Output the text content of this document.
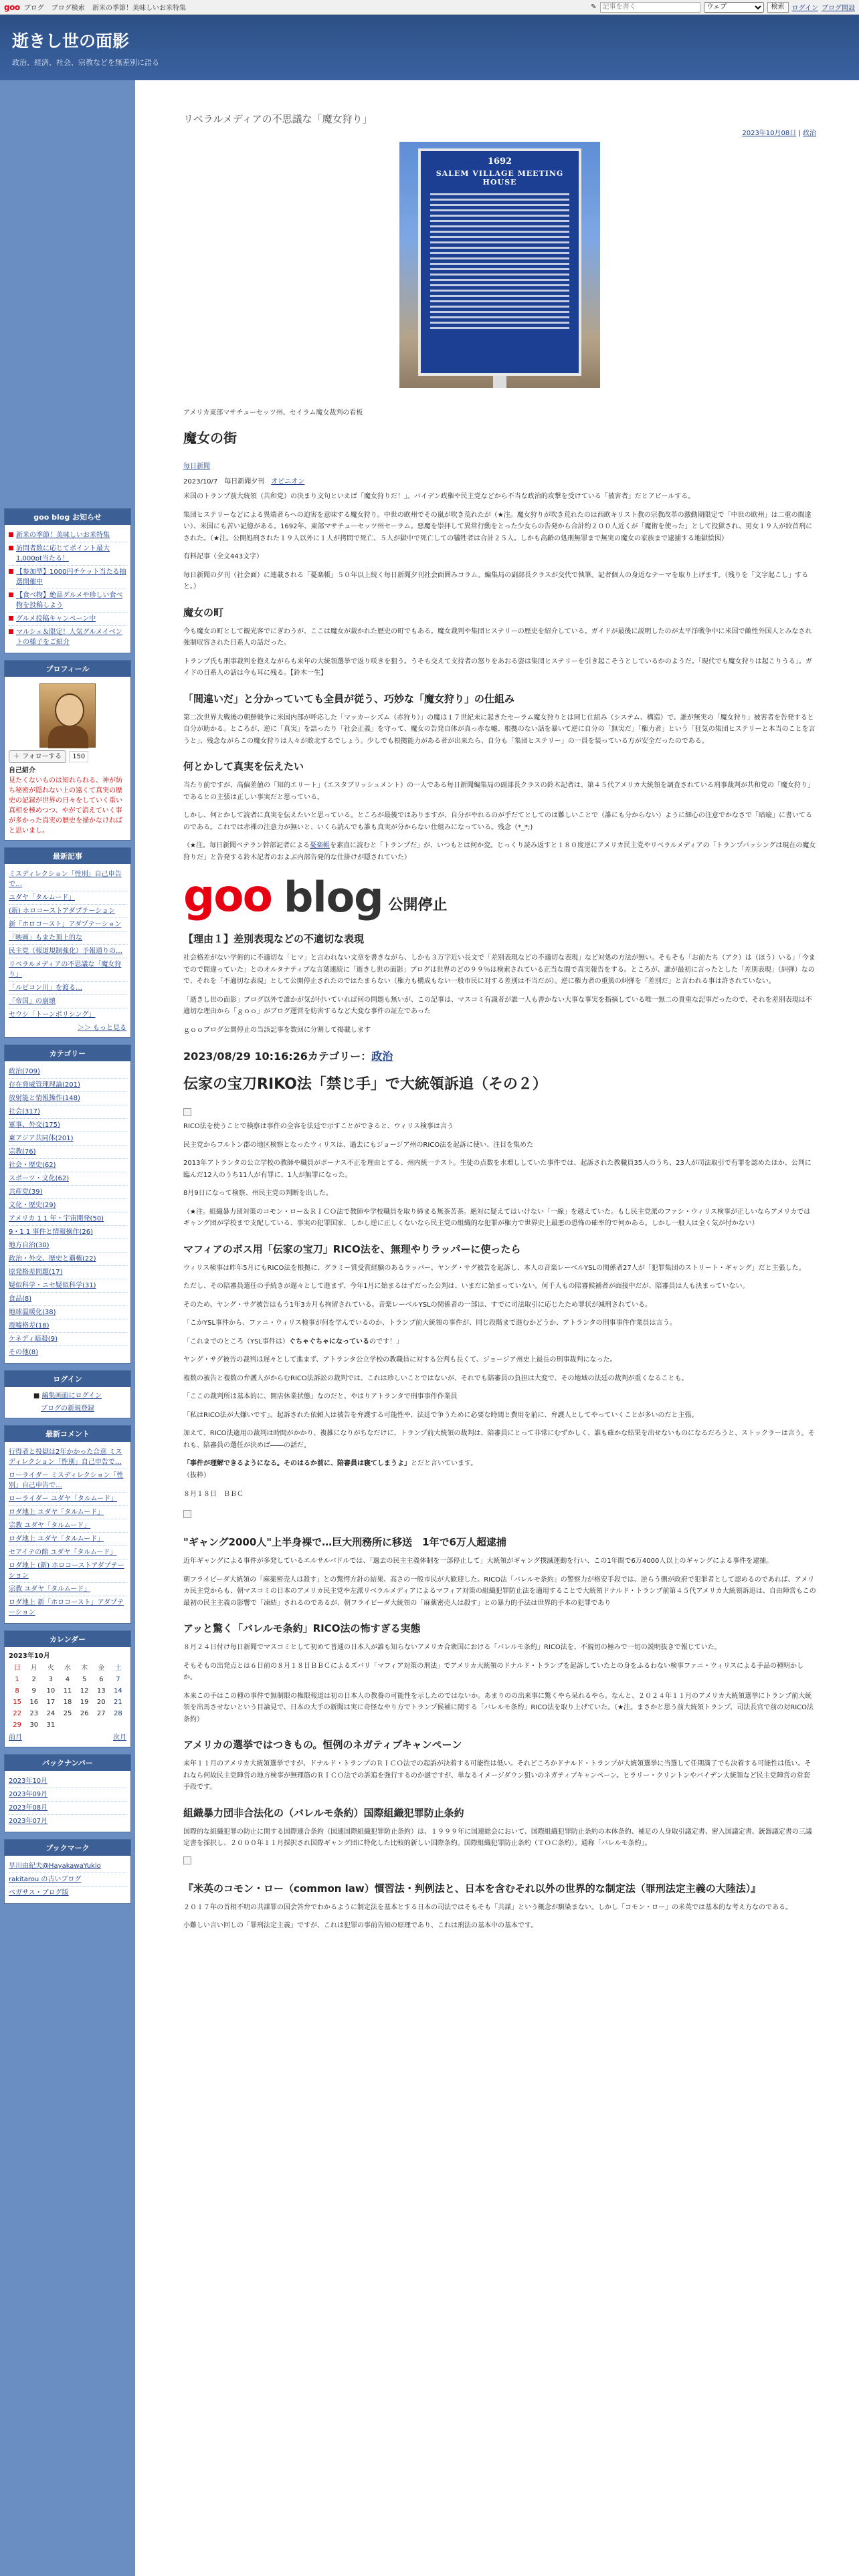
goo ブログ ブログ検索 新米の季節！美味しいお米特集	✎
記事を書く
ウェブ	検索	ログイン ブログ開設
逝きし世の面影
政治、経済、社会、宗教などを無差別に語る
goo blog お知らせ
新米の季節！美味しいお米特集
訪問者数に応じてポイント最大1,000pt当たる！
【参加型】1000円チケット当たる抽選開催中
【食べ物】絶品グルメや珍しい食べ物を投稿しよう
グルメ投稿キャンペーン中
マルシェ＆限定！人気グルメイベントの様子をご紹介
プロフィール
＋ フォローする	150
自己紹介
見たくないものは知れられる、神が紡ち秘密が隠れない上の遠くて真実の歴史の記録が世界の日々をしていく重い真相を極めつつ、やがて消えていく事が多かった真実の歴史を描かなければと思いまし。
最新記事
ミスディレクション「性別」自己申告で…
ユダヤ「タルムード」
(新) ホロコーストアダプテーション
新「ホロコースト」アダプテーション
「映画」もまた頂上的な
民主党（報道規制強化）予報通りの…
リベラルメディアの不思議な「魔女狩り」
「ルビコン川」を渡る…
「帝国」の崩壊
セウシ「トーンポリシング」
＞＞ もっと見る
カテゴリー
政治(709)
存在脅威管理理論(201)
放射能と情報操作(148)
社会(317)
軍事、外交(175)
東アジア共同体(201)
宗教(76)
社会・歴史(62)
スポーツ・文化(62)
共産党(39)
文化・歴史(29)
アメリカ 1 1 年・宇宙開発(50)
9・1 1 事件と情報操作(26)
地方自治(30)
政治・外交、歴史と覇権(22)
原発格差問題(17)
疑似科学・ニセ疑似科学(31)
食品(8)
地球温暖化(38)
震嘘格差(18)
ケネディ暗殺(9)
その他(8)
ログイン
■ 編集画面にログイン
ブログの新規登録
最新コメント
行得者と投獄は2年かかった合意 ミスディレクション「性別」自己申告で…
ローライダー ミスディレクション「性別」自己申告で…
ローライダー ユダヤ「タルムード」
ロダ地上 ユダヤ「タルムード」
宗教 ユダヤ「タルムード」
ロダ地上 ユダヤ「タルムード」
セアイテの館 ユダヤ「タルムード」
ロダ地上 (新) ホロコーストアダプテーション
宗教 ユダヤ「タルムード」
ロダ地上 新「ホロコースト」アダプテーション
カレンダー
2023年10月
日	月	火	水	木	金	土
1	2	3	4	5	6	7
8	9	10	11	12	13	14
15	16	17	18	19	20	21
22	23	24	25	26	27	28
29	30	31				
前月	次月
バックナンバー
2023年10月
2023年09月
2023年08月
2023年07月
ブックマーク
早川由紀夫@HayakawaYukio
rakitarou の古いブログ
ベガサス・ブログ版
2023年10月08日 | 政治
リベラルメディアの不思議な「魔女狩り」
1692
SALEM VILLAGE MEETING HOUSE
アメリカ東部マサチューセッツ州、セイラム魔女裁判の看板
魔女の街
毎日新聞
2023/10/7　毎日新聞夕刊　 オピニオン

米国のトランプ前大統領（共和党）の決まり文句といえば「魔女狩りだ！」。バイデン政権や民主党などから不当な政治的攻撃を受けている「被害者」だとアピールする。

集団ヒステリーなどによる異端者らへの迫害を意味する魔女狩り。中世の欧州でその嵐が吹き荒れたが（★注。魔女狩りが吹き荒れたのは西欧キリスト教の宗教改革の激動期限定で「中世の欧州」は二重の間違い）、米国にも苦い記憶がある。1692年、東部マサチューセッツ州セーラム。悪魔を崇拝して異常行動をとった少女らの告発から合計約２００人近くが「魔術を使った」として投獄され、男女１９人が絞首刑にされた。（★注。公開処刑された１９人以外に１人が拷問で死亡、５人が獄中で死亡しての犠牲者は合計２５人。しかも高齢の処刑無罪まで無実の魔女の家族まで逮捕する地獄絵図）

有料記事（全文443文字）

毎日新聞の夕刊（社会面）に連載される「憂楽帳」５０年以上続く毎日新聞夕刊社会面囲みコラム。編集局の副部長クラスが交代で執筆。記者個人の身近なテーマを取り上げます。（残りを「文字起こし」すると。）

魔女の町

今も魔女の町として観光客でにぎわうが、ここは魔女が裁かれた歴史の町でもある。魔女裁判や集団ヒステリーの歴史を紹介している。ガイドが最後に説明したのが太平洋戦争中に米国で敵性外国人とみなされ強制収容された日系人の話だった。

トランプ氏も刑事裁判を抱えながらも来年の大統領選挙で返り咲きを狙う。うそも交えて支持者の怒りをあおる姿は集団ヒステリーを引き起こそうとしているかのようだ。「現代でも魔女狩りは起こりうる」。ガイドの日系人の話は今も耳に残る。【鈴木一生】

「間違いだ」と分かっていても全員が従う、巧妙な「魔女狩り」の仕組み

第二次世界大戦後の朝鮮戦争に米国内部が呼応した「マッカーシズム（赤狩り）」の魔は１７世紀末に起きたセーラム魔女狩りとは同じ仕組み（システム、構造）で、誰が無実の「魔女狩り」被害者を告発すると自分が助かる。ところが、逆に「真実」を語ったり「社会正義」を守って、魔女の告発自体が真っ赤な嘘、根拠のない話を暴いて逆に自分の「無実だ」「権力者」という「狂気の集団ヒステリーと本当のことを言うと」、残念ながらこの魔女狩りは人々が敗北するでしょう。少しでも根拠能力がある者が出来たら、自分も「集団ヒステリー」の一員を装っている方が安全だったのである。

何とかして真実を伝えたい

当たり前ですが、高偏差値の「知的エリート」（エスタブリッシュメント）の一人である毎日新聞編集局の副部長クラスの鈴木記者は、第４５代アメリカ大統領を調査されている刑事裁判が共和党の「魔女狩り」であるとの主張は正しい事実だと思っている。

しかし、何とかして読者に真実を伝えたいと思っている。ところが最後ではありますが、自分がやれるのが手だてとしてのは難しいことで（誰にも分からない）ように細心の注意でかなさで「暗喩」に書いてるのである。これでは赤裸の注意力が無いと、いくら読んでも誰も真実が分からない仕組みになっている。残念（*_*;)

（★注。毎日新聞ベテラン幹部記者による憂楽帳を素直に読むと「トランプだ」が、いつもとは何か変。じっくり読み返すと１８０度逆にアメリカ民主党やリベラルメディアの「トランプバッシングは現在の魔女狩りだ」と告発する鈴木記者のおよぶ内部告発的な仕掛けが隠されていた）

goo blog 公開停止
【理由１】差別表現などの不適切な表現

社会格差がない学術的に不適切な「ヒマ」と言われない文章を書きながら、しかも３万字近い長文で「差別表現などの不適切な表現」など対処の方法が無い。そもそも「お前たち（アク）は（ほう）いる」「今までので間違っていた」とのオルタナティブな言葉連続に「逝きし世の面影」ブログは世界のどの９９％は検索されている正当な間で真実報告をする。ところが、誰が最初に言ったとした「差別表現」（糾弾）なので、それを「不適切な表現」として公開停止されたのではたまらない（権力も構成もない一般市民に対する差別は不当だが）。逆に権力者の重篤の糾弾を「差別だ」と言われる事は許されていない。

「逝きし世の面影」ブログ以外で誰かが気が付いていれば何の問題も無いが、この記事は、マスコミ有識者が誰一人も書かない大事な事実を指摘している唯一無二の貴重な記事だったので、それを差別表現は不適切な理由から「ｇｏｏ」がブログ運営を妨害するなど大変な事件の証左であった

ｇｏｏブログ公開停止の当該記事を数回に分割して掲載します

2023/08/29 10:16:26カテゴリー：政治
伝家の宝刀RIKO法「禁じ手」で大統領訴追（その２）

RICO法を使うことで検察は事件の全容を法廷で示すことができると、ウィリス検事は言う

民主党からフルトン郡の地区検察となったウィリスは、過去にもジョージア州のRICO法を起訴に使い、注目を集めた

2013年アトランタの公立学校の教師や職員がボーナス不正を理由とする、州内統一テスト。生徒の点数を水増ししていた事件では、起訴された教職員35人のうち、23人が司法取引で有罪を認めたほか、公判に臨んだ12人のうち11人が有罪に、1人が無罪になった。

8月9日になって検察、州民主党の判断を出した。

（★注。組織暴力団対策のコモン・ロー＆ＲＩＣＯ法で教師や学校職員を取り締まる無茶苦茶。絶対に疑えてはいけない「一線」を越えていた。もし民主党派のファシ・ウィリス検事が正しいならアメリカではギャング団が学校まで支配している、事実の犯罪国家、しかし逆に正しくないなら民主党の組織的な犯罪が権力で世界史上最悪の恐怖の確率的で何かある。しかし一般人は全く気が付かない）

マフィアのボス用「伝家の宝刀」RICO法を、無理やりラッパーに使ったら

ウィリス検事は昨年5月にもRICO法を根拠に、グラミー賞受賞経験のあるラッパー、ヤング・サグ被告を起訴し、本人の音楽レーベルYSLの関係者27人が「犯罪集団のストリート・ギャング」だと主張した。

ただし、その陪審員選任の手続きが遅々として進まず、今年1月に始まるはずだった公判は、いまだに始まっていない。何千人もの陪審候補者が面接中だが、陪審員は人も決まっていない。

そのため、ヤング・サグ被告はもう1年3カ月も拘留されている。音楽レーベルYSLの関係者の一部は、すでに司法取引に応じたため罪状が減刑されている。

「こかYSL事件から、ファニ・ウィリス検事が何を学んでいるのか、トランプ前大統領の事件が、同じ段階まで進むかどうか、アトランタの刑事事件作業員は言う。

「これまでのところ（YSL事件は）ぐちゃぐちゃになっているのです！」

ヤング・サグ被告の裁判は遅々として進まず、アトランタ公立学校の教職員に対する公判も長くて、ジョージア州史上最長の刑事裁判になった。

複数の被告と複数の弁護人がからむRICO法訴訟の裁判では、これは珍しいことではないが、それでも陪審員の負担は大変で、その地域の法廷の裁判が重くなることも。

「ここの裁判所は基本的に、開店休業状態」なのだと、やはりアトランタで刑事事件作業員

「私はRICO法が大嫌いです」。起訴された依頼人は被告を弁護する可能性や、法廷で争うために必要な時間と費用を前に、弁護人としてやっていくことが多いのだと主張。

加えて、RICO法適用の裁判は時間がかかり、複雑になりがちなだけに、トランプ前大統領の裁判は、陪審員にとって非常にむずかしく、誰も確かな結果を出せないものになるだろうと、ストックラーは言う。それも、陪審員の選任が決めば――の話だ。

「事件が理解できるようになる。そのはるか前に、陪審員は寝てしまうよ」とだと言いています。
（抜粋）

８月１８日　ＢＢＣ
"ギャング2000人"上半身裸で…巨大刑務所に移送　1年で6万人超逮捕

近年ギャングによる事件が多発しているエルサルバドルでは、「過去の民主主義体制を一部停止して」大統領がギャング撲滅運動を行い、この1年間で6万4000人以上のギャングによる事件を逮捕。

朝フライビーダ大統領の「麻薬密売人は殺す」との驚愕方針の結果、高さの一般市民が大歓迎した。RICO法「バレルモ条約」の警察力が格安手段では、逆らう側が政府で犯罪者として認めるのであれば、アメリカ民主党からも、朝マスコミの日本のアメリカ民主党や左派リベラルメディアによるマフィア対策の組織犯罪防止法を適用することで大統領ドナルド・トランプ前第４５代アメリカ大統領訴追は、自由陣営もこの最初の民主主義の影響で「凍結」されるのであるが、朝フライビーダ大統領の「麻薬密売人は殺す」との暴力的手法は世界的手本の犯罪であり

アッと驚く「バレルモ条約」RICO法の怖すぎる実態

８月２４日付け毎日新聞でマスコミとして初めて普通の日本人が誰も知らないアメリカ合衆国における「バレルモ条約」RICO法を、不親切の極みで一切の説明抜きで報じていた。

そもそもの出発点とは６日前の８月１８日ＢＢＣによるズバリ「マフィア対策の刑法」でアメリカ大統領のドナルド・トランプを起訴していたとの身をふるわない検事ファニ・ウィリスによる手品の種明かしか。

本来この手はこの種の事件で無制限の権限報道は初の日本人の教養の可能性を示したのではないか。あまりのの出来事に驚くやら呆れるやら。なんと、２０２４年１１月のアメリカ大統領選挙にトランプ前大統領を出馬させないという目論見で、日本の大手の新聞は実に奇怪なやり方でトランプ候補に関する「バレルモ条約」RICO法を取り上げていた。（★注。まさかと思う前大統領トランプ、司法長官で前の対RICO法条約）

アメリカの選挙ではつきもの。恒例のネガティブキャンペーン

来年１１月のアメリカ大統領選挙ですが、ドナルド・トランプのＲＩＣＯ法での起訴が決着する可能性は低い。それどころかドナルド・トランプが大統領選挙に当選して任期満了でも決着する可能性は低い。それなら何故民主党陣営の地方検事が無理筋のＲＩＣＯ法での訴追を強行するのか謎ですが、単なるイメージダウン狙いのネガティブキャンペーン。ヒラリー・クリントンやバイデン大統領など民主党陣営の常套手段です。

組織暴力団非合法化の（バレルモ条約）国際組織犯罪防止条約

国際的な組織犯罪の防止に関する国際連合条約（国連国際組織犯罪防止条約）は、１９９９年に国連総会において、国際組織犯罪防止条約の本体条約、補足の人身取引議定書、密入国議定書、銃器議定書の三議定書を採択し、２０００年１１月採択され国際ギャング団に特化した比較的新しい国際条約。国際組織犯罪防止条約（ＴＯＣ条約）。通称「バレルモ条約」。

『米英のコモン・ロー（common law）慣習法・判例法と、日本を含むそれ以外の世界的な制定法（罪刑法定主義の大陸法）』

２０１７年の首相不明の共謀罪の国会答弁でわかるように制定法を基本とする日本の司法ではそもそも「共謀」という概念が馴染まない。しかし「コモン・ロー」の米英では基本的な考え方なのである。

小難しい言い回しの「罪刑法定主義」ですが、これは犯罪の事前告知の原理であり、これは刑法の基本中の基本です。
